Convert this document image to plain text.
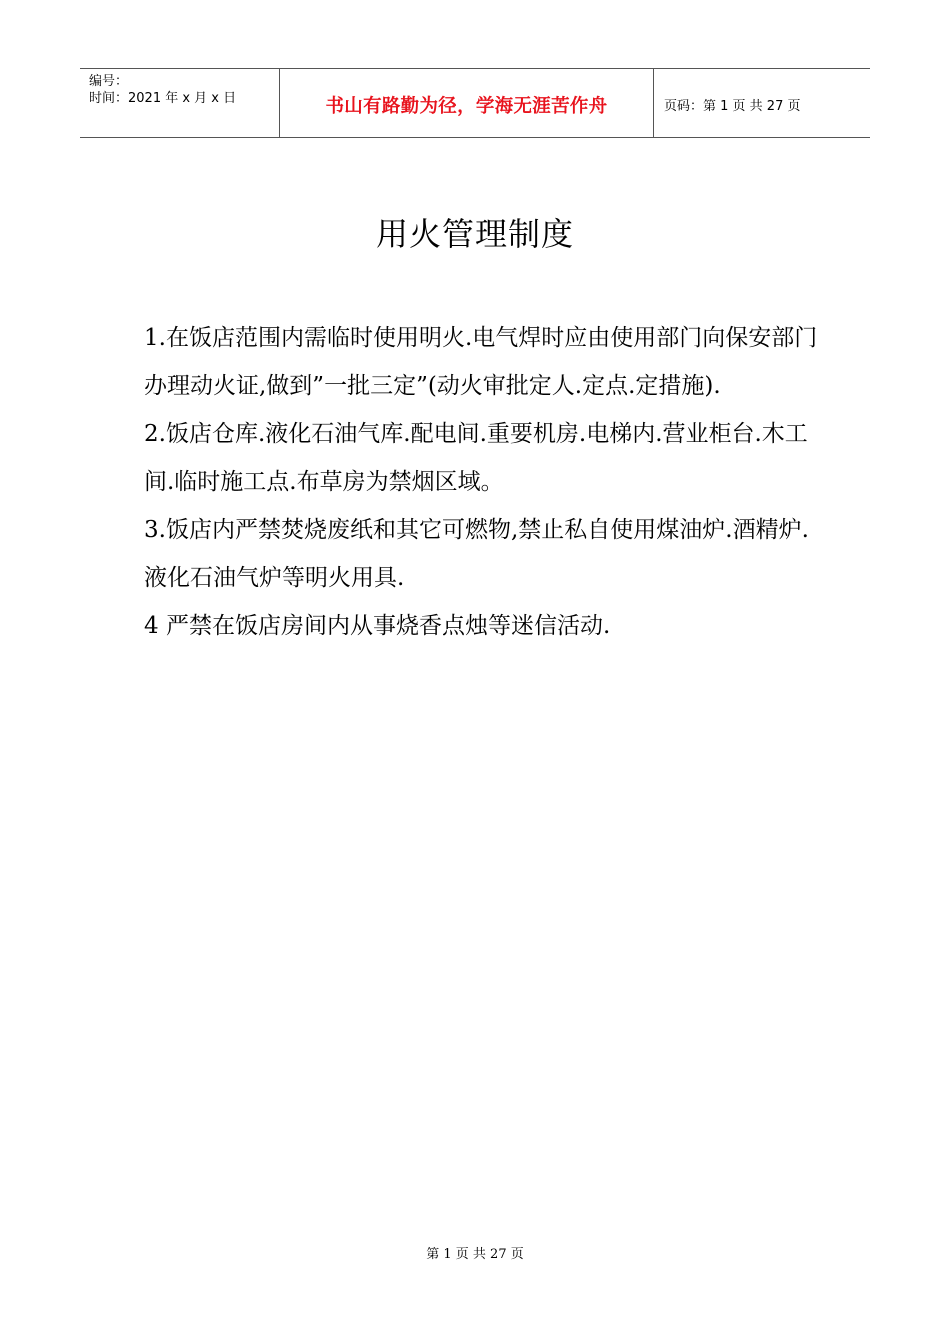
编号：
时间：2021 年 x 月 x 日	书山有路勤为径，学海无涯苦作舟	页码：第 1 页 共 27 页
用火管理制度

1.在饭店范围内需临时使用明火.电气焊时应由使用部门向保安部门办理动火证,做到”一批三定”(动火审批定人.定点.定措施).

2.饭店仓库.液化石油气库.配电间.重要机房.电梯内.营业柜台.木工间.临时施工点.布草房为禁烟区域。

3.饭店内严禁焚烧废纸和其它可燃物,禁止私自使用煤油炉.酒精炉.液化石油气炉等明火用具.

4 严禁在饭店房间内从事烧香点烛等迷信活动.

第 1 页 共 27 页
